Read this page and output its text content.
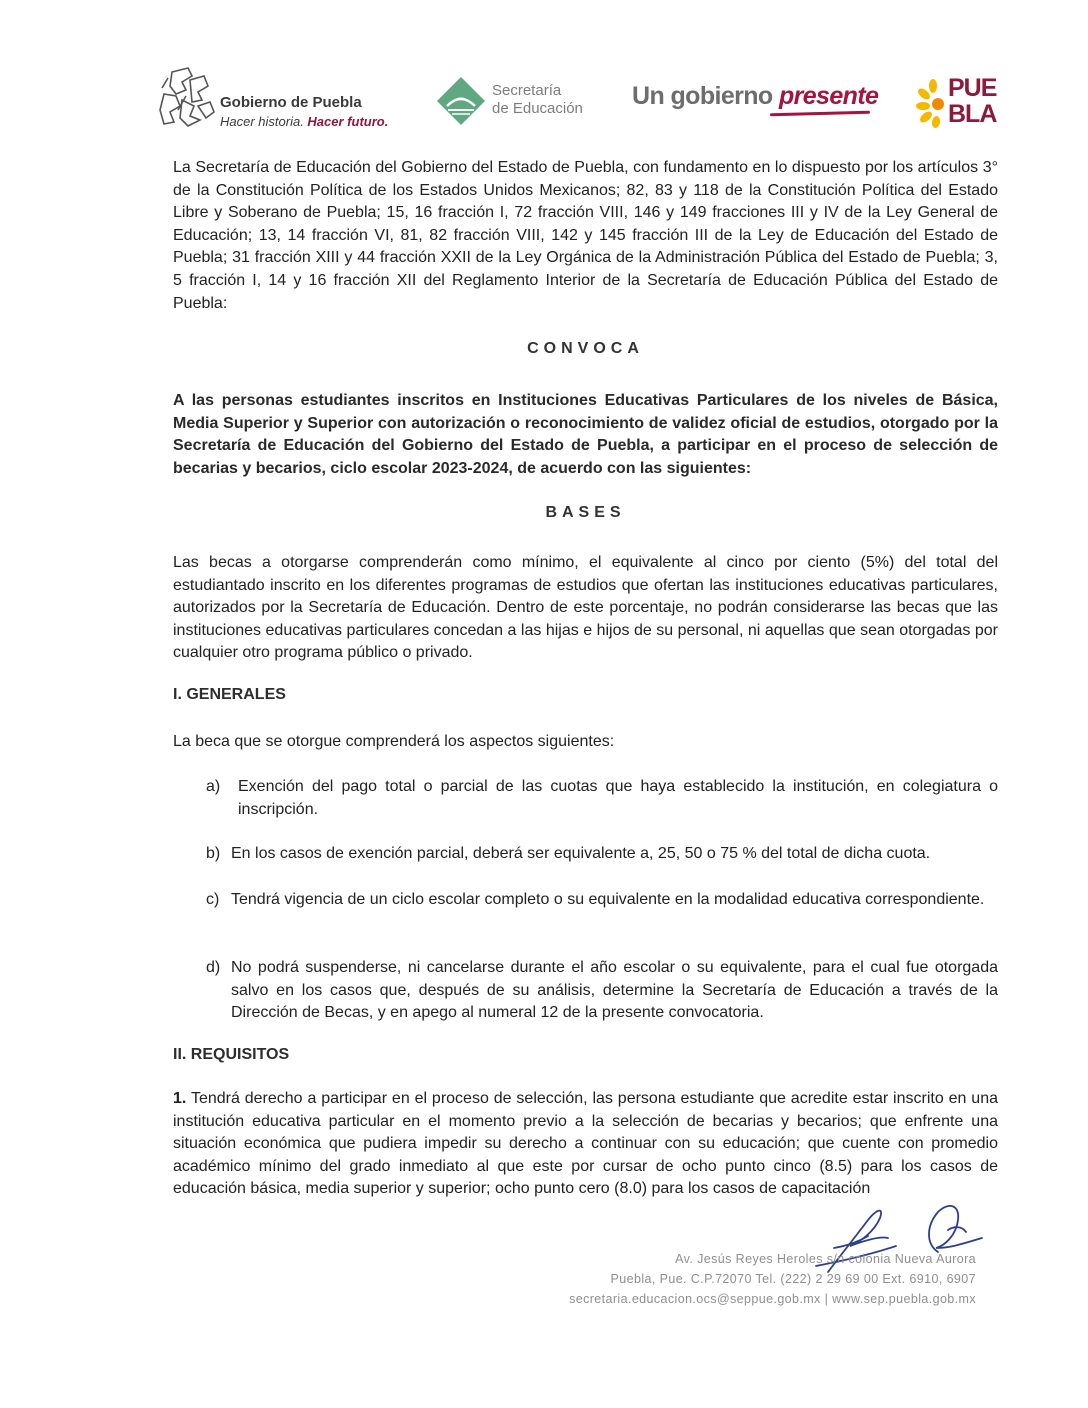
Gobierno de Puebla
Hacer historia. Hacer futuro.
Secretaría
de Educación Un gobierno presente	PUE
BLA
La Secretaría de Educación del Gobierno del Estado de Puebla, con fundamento en lo dispuesto por los artículos 3° de la Constitución Política de los Estados Unidos Mexicanos; 82, 83 y 118 de la Constitución Política del Estado Libre y Soberano de Puebla; 15, 16 fracción I, 72 fracción VIII, 146 y 149 fracciones III y IV de la Ley General de Educación; 13, 14 fracción VI, 81, 82 fracción VIII, 142 y 145 fracción III de la Ley de Educación del Estado de Puebla; 31 fracción XIII y 44 fracción XXII de la Ley Orgánica de la Administración Pública del Estado de Puebla; 3, 5 fracción I, 14 y 16 fracción XII del Reglamento Interior de la Secretaría de Educación Pública del Estado de Puebla:
CONVOCA
A las personas estudiantes inscritos en Instituciones Educativas Particulares de los niveles de Básica, Media Superior y Superior con autorización o reconocimiento de validez oficial de estudios, otorgado por la Secretaría de Educación del Gobierno del Estado de Puebla, a participar en el proceso de selección de becarias y becarios, ciclo escolar 2023-2024, de acuerdo con las siguientes:
BASES
Las becas a otorgarse comprenderán como mínimo, el equivalente al cinco por ciento (5%) del total del estudiantado inscrito en los diferentes programas de estudios que ofertan las instituciones educativas particulares, autorizados por la Secretaría de Educación. Dentro de este porcentaje, no podrán considerarse las becas que las instituciones educativas particulares concedan a las hijas e hijos de su personal, ni aquellas que sean otorgadas por cualquier otro programa público o privado.
I. GENERALES
La beca que se otorgue comprenderá los aspectos siguientes:
a) Exención del pago total o parcial de las cuotas que haya establecido la institución, en colegiatura o inscripción.
b) En los casos de exención parcial, deberá ser equivalente a, 25, 50 o 75 % del total de dicha cuota.
c) Tendrá vigencia de un ciclo escolar completo o su equivalente en la modalidad educativa correspondiente.
d) No podrá suspenderse, ni cancelarse durante el año escolar o su equivalente, para el cual fue otorgada salvo en los casos que, después de su análisis, determine la Secretaría de Educación a través de la Dirección de Becas, y en apego al numeral 12 de la presente convocatoria.
II. REQUISITOS
1. Tendrá derecho a participar en el proceso de selección, las persona estudiante que acredite estar inscrito en una institución educativa particular en el momento previo a la selección de becarias y becarios; que enfrente una situación económica que pudiera impedir su derecho a continuar con su educación; que cuente con promedio académico mínimo del grado inmediato al que este por cursar de ocho punto cinco (8.5) para los casos de educación básica, media superior y superior; ocho punto cero (8.0) para los casos de capacitación
Av. Jesús Reyes Heroles s/n colonia Nueva Aurora
Puebla, Pue. C.P.72070 Tel. (222) 2 29 69 00 Ext. 6910, 6907
secretaria.educacion.ocs@seppue.gob.mx | www.sep.puebla.gob.mx
